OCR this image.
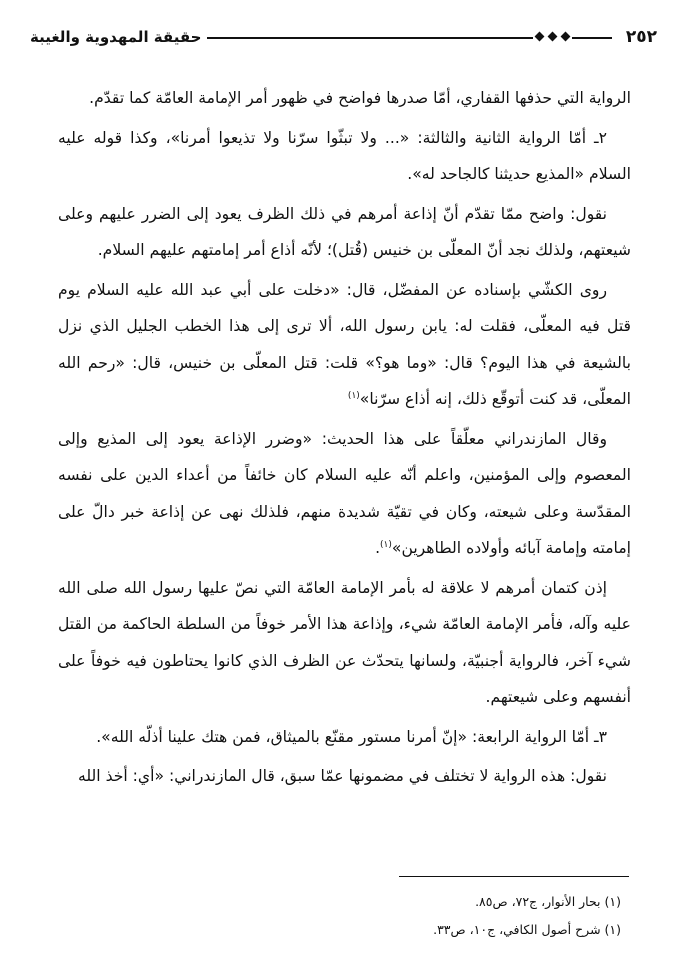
٢٥٢
حقيقة المهدوية والغيبة

الرواية التي حذفها القفاري، أمّا صدرها فواضح في ظهور أمر الإمامة العامّة كما تقدّم.

٢ـ أمّا الرواية الثانية والثالثة: «... ولا تبثّوا سرّنا ولا تذيعوا أمرنا»، وكذا قوله عليه السلام «المذيع حديثنا كالجاحد له».

نقول: واضح ممّا تقدّم أنّ إذاعة أمرهم في ذلك الظرف يعود إلى الضرر عليهم وعلى شيعتهم، ولذلك نجد أنّ المعلّى بن خنيس (قُتل)؛ لأنّه أذاع أمر إمامتهم عليهم السلام.

روى الكشّي بإسناده عن المفضّل، قال: «دخلت على أبي عبد الله عليه السلام يوم قتل فيه المعلّى، فقلت له: يابن رسول الله، ألا ترى إلى هذا الخطب الجليل الذي نزل بالشيعة في هذا اليوم؟ قال: «وما هو؟» قلت: قتل المعلّى بن خنيس، قال: «رحم الله المعلّى، قد كنت أتوقّع ذلك، إنه أذاع سرّنا»$^{(١)}$

وقال المازندراني معلّقاً على هذا الحديث: «وضرر الإذاعة يعود إلى المذيع وإلى المعصوم وإلى المؤمنين، واعلم أنّه عليه السلام كان خائفاً من أعداء الدين على نفسه المقدّسة وعلى شيعته، وكان في تقيّة شديدة منهم، فلذلك نهى عن إذاعة خبر دالّ على إمامته وإمامة آبائه وأولاده الطاهرين»$^{(١)}$.

إذن كتمان أمرهم لا علاقة له بأمر الإمامة العامّة التي نصّ عليها رسول الله صلى الله عليه وآله، فأمر الإمامة العامّة شيء، وإذاعة هذا الأمر خوفاً من السلطة الحاكمة من القتل شيء آخر، فالرواية أجنبيّة، ولسانها يتحدّث عن الظرف الذي كانوا يحتاطون فيه خوفاً على أنفسهم وعلى شيعتهم.

٣ـ أمّا الرواية الرابعة: «إنّ أمرنا مستور مقنّع بالميثاق، فمن هتك علينا أذلّه الله».

نقول: هذه الرواية لا تختلف في مضمونها عمّا سبق، قال المازندراني: «أي: أخذ الله

(١) بحار الأنوار، ج٧٢، ص٨٥.
(١) شرح أصول الكافي، ج١٠، ص٣٣.
